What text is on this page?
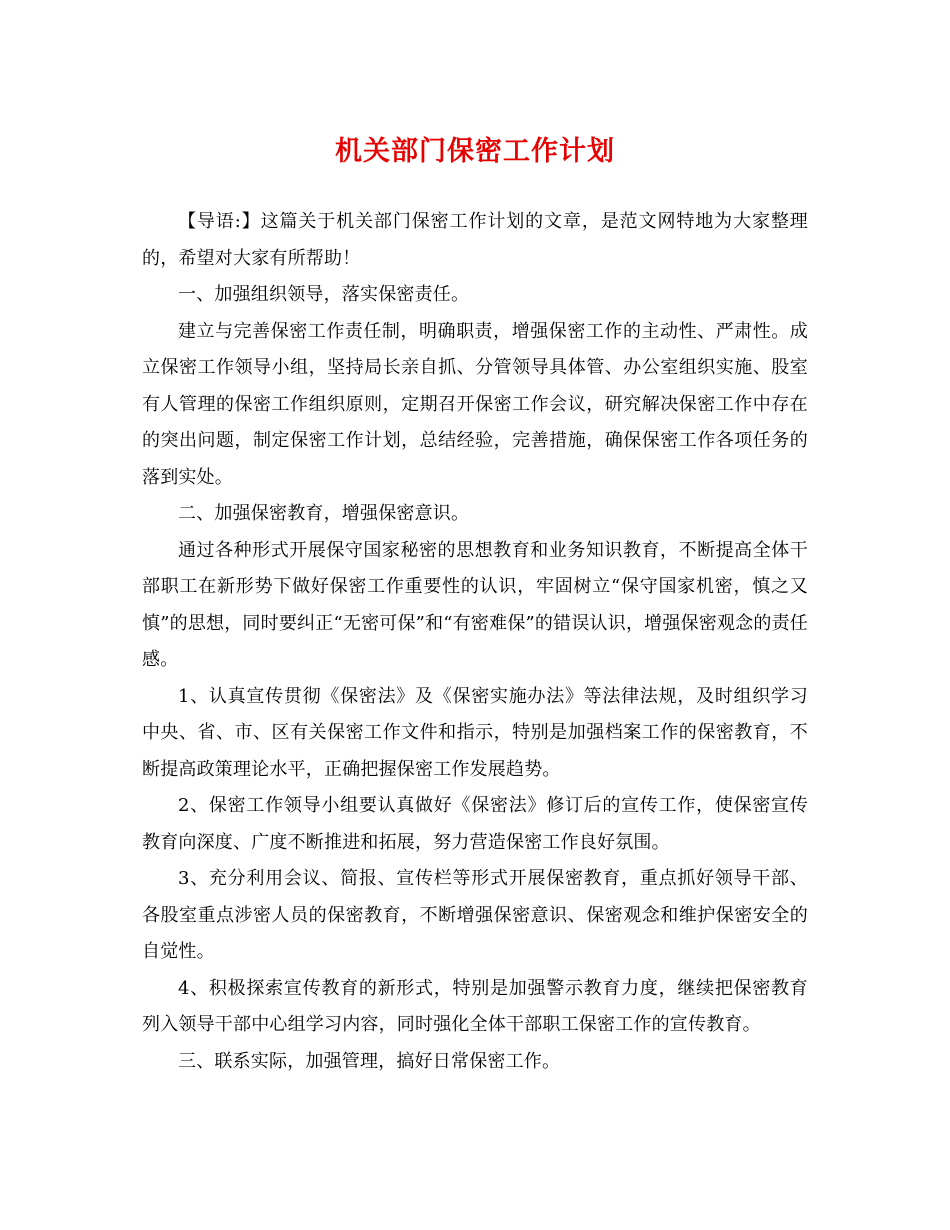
机关部门保密工作计划

【导语:】这篇关于机关部门保密工作计划的文章，是范文网特地为大家整理的，希望对大家有所帮助！

一、加强组织领导，落实保密责任。

建立与完善保密工作责任制，明确职责，增强保密工作的主动性、严肃性。成立保密工作领导小组，坚持局长亲自抓、分管领导具体管、办公室组织实施、股室有人管理的保密工作组织原则，定期召开保密工作会议，研究解决保密工作中存在的突出问题，制定保密工作计划，总结经验，完善措施，确保保密工作各项任务的落到实处。

二、加强保密教育，增强保密意识。

通过各种形式开展保守国家秘密的思想教育和业务知识教育，不断提高全体干部职工在新形势下做好保密工作重要性的认识，牢固树立“保守国家机密，慎之又慎”的思想，同时要纠正“无密可保”和“有密难保”的错误认识，增强保密观念的责任感。

1、认真宣传贯彻《保密法》及《保密实施办法》等法律法规，及时组织学习中央、省、市、区有关保密工作文件和指示，特别是加强档案工作的保密教育，不断提高政策理论水平，正确把握保密工作发展趋势。

2、保密工作领导小组要认真做好《保密法》修订后的宣传工作，使保密宣传教育向深度、广度不断推进和拓展，努力营造保密工作良好氛围。

3、充分利用会议、简报、宣传栏等形式开展保密教育，重点抓好领导干部、各股室重点涉密人员的保密教育，不断增强保密意识、保密观念和维护保密安全的自觉性。

4、积极探索宣传教育的新形式，特别是加强警示教育力度，继续把保密教育列入领导干部中心组学习内容，同时强化全体干部职工保密工作的宣传教育。

三、联系实际，加强管理，搞好日常保密工作。
